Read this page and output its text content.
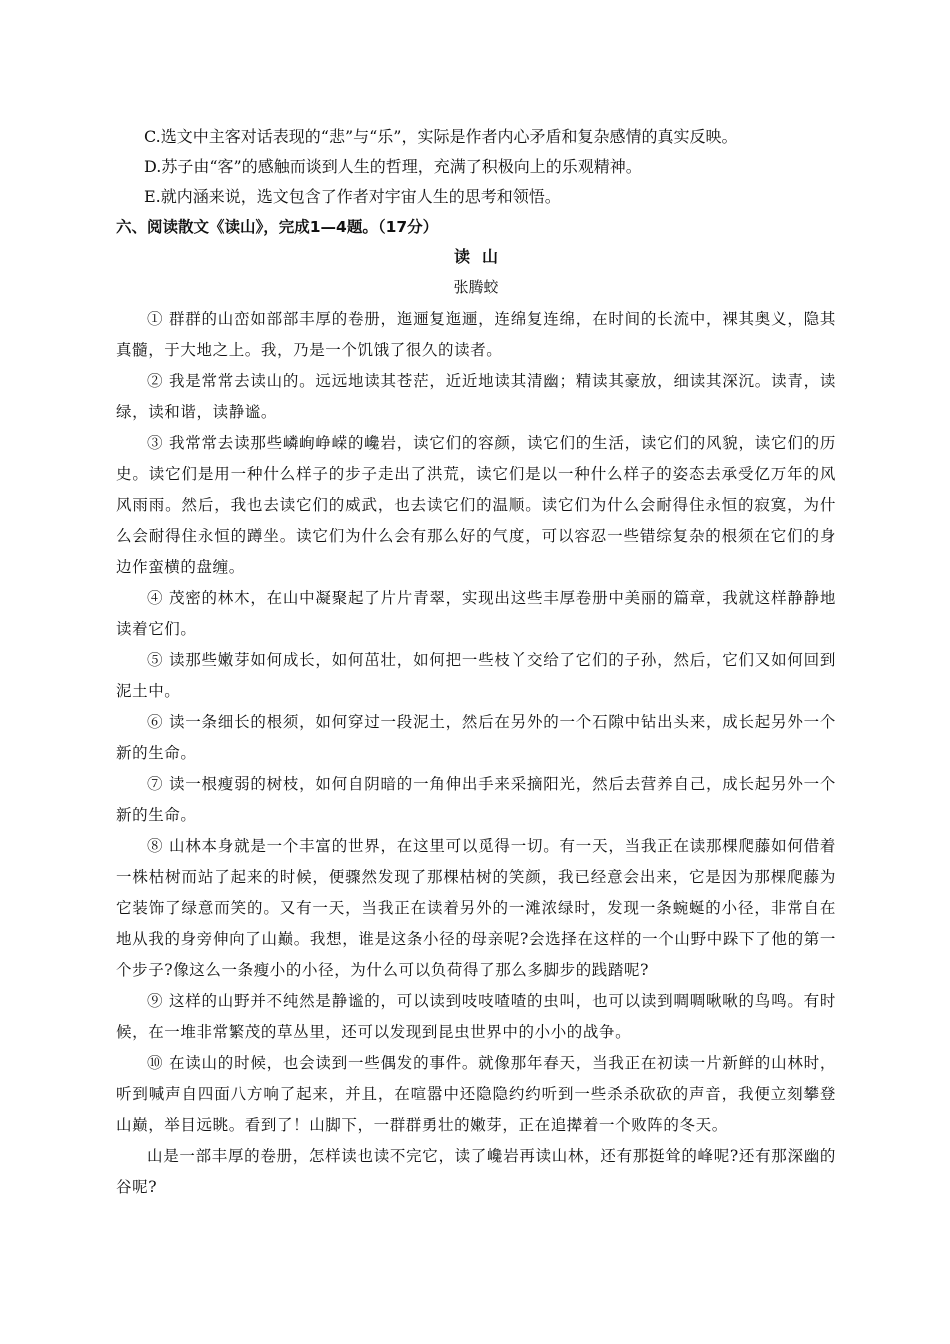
C.选文中主客对话表现的“悲”与“乐”，实际是作者内心矛盾和复杂感情的真实反映。

D.苏子由“客”的感触而谈到人生的哲理，充满了积极向上的乐观精神。

E.就内涵来说，选文包含了作者对宇宙人生的思考和领悟。

六、阅读散文《读山》，完成1—4题。（17分）

读山

张腾蛟

① 群群的山峦如部部丰厚的卷册，迤逦复迤逦，连绵复连绵，在时间的长流中，裸其奥义，隐其真髓，于大地之上。我，乃是一个饥饿了很久的读者。

② 我是常常去读山的。远远地读其苍茫，近近地读其清幽；精读其豪放，细读其深沉。读青，读绿，读和谐，读静谧。

③ 我常常去读那些嶙峋峥嵘的巉岩，读它们的容颜，读它们的生活，读它们的风貌，读它们的历史。读它们是用一种什么样子的步子走出了洪荒，读它们是以一种什么样子的姿态去承受亿万年的风风雨雨。然后，我也去读它们的威武，也去读它们的温顺。读它们为什么会耐得住永恒的寂寞，为什么会耐得住永恒的蹲坐。读它们为什么会有那么好的气度，可以容忍一些错综复杂的根须在它们的身边作蛮横的盘缠。

④ 茂密的林木，在山中凝聚起了片片青翠，实现出这些丰厚卷册中美丽的篇章，我就这样静静地读着它们。

⑤ 读那些嫩芽如何成长，如何茁壮，如何把一些枝丫交给了它们的子孙，然后，它们又如何回到泥土中。

⑥ 读一条细长的根须，如何穿过一段泥土，然后在另外的一个石隙中钻出头来，成长起另外一个新的生命。

⑦ 读一根瘦弱的树枝，如何自阴暗的一角伸出手来采摘阳光，然后去营养自己，成长起另外一个新的生命。

⑧ 山林本身就是一个丰富的世界，在这里可以觅得一切。有一天，当我正在读那棵爬藤如何借着一株枯树而站了起来的时候，便骤然发现了那棵枯树的笑颜，我已经意会出来，它是因为那棵爬藤为它装饰了绿意而笑的。又有一天，当我正在读着另外的一滩浓绿时，发现一条蜿蜒的小径，非常自在地从我的身旁伸向了山巅。我想，谁是这条小径的母亲呢?会选择在这样的一个山野中跺下了他的第一个步子?像这么一条瘦小的小径，为什么可以负荷得了那么多脚步的践踏呢?

⑨ 这样的山野并不纯然是静谧的，可以读到吱吱喳喳的虫叫，也可以读到啁啁啾啾的鸟鸣。有时候，在一堆非常繁茂的草丛里，还可以发现到昆虫世界中的小小的战争。

⑩ 在读山的时候，也会读到一些偶发的事件。就像那年春天，当我正在初读一片新鲜的山林时，听到喊声自四面八方响了起来，并且，在喧嚣中还隐隐约约听到一些杀杀砍砍的声音，我便立刻攀登山巅，举目远眺。看到了！山脚下，一群群勇壮的嫩芽，正在追撵着一个败阵的冬天。

山是一部丰厚的卷册，怎样读也读不完它，读了巉岩再读山林，还有那挺耸的峰呢?还有那深幽的谷呢?
